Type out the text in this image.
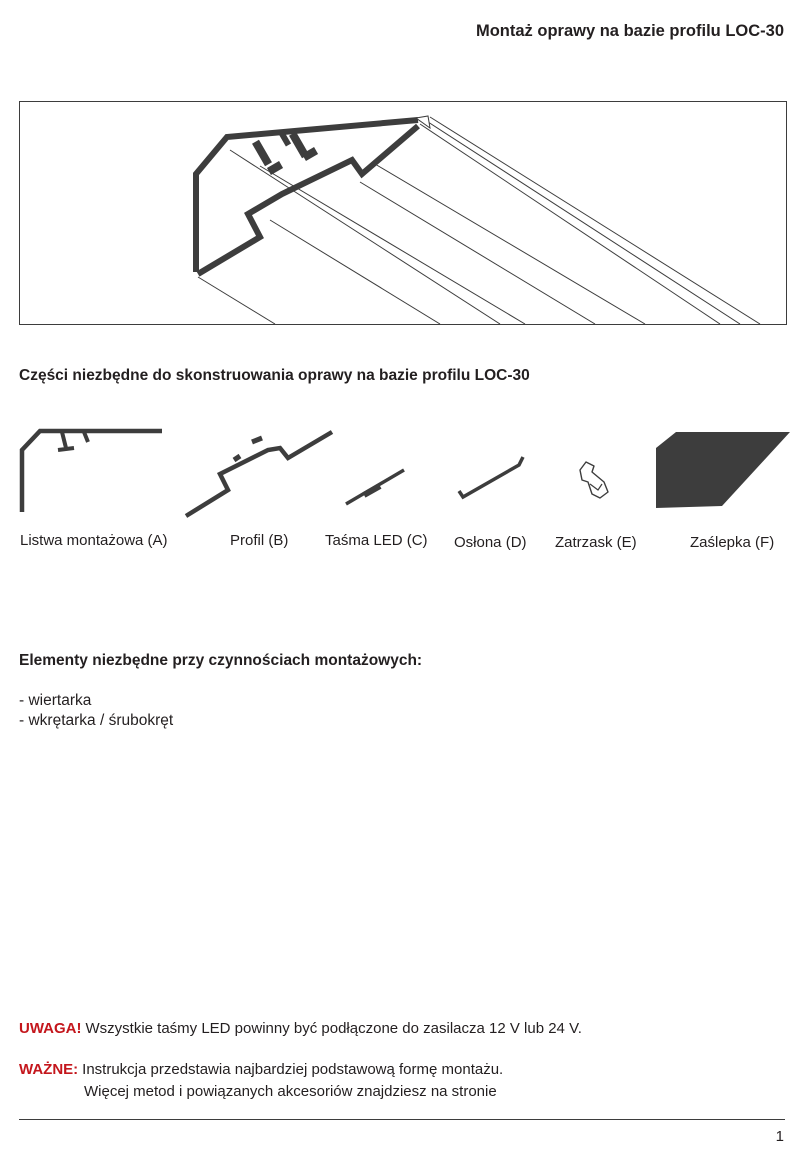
Montaż oprawy na bazie profilu LOC-30
Części niezbędne do skonstruowania oprawy na bazie profilu LOC-30
Listwa montażowa (A)	Profil (B) Taśma LED (C) Osłona (D) Zatrzask (E)	Zaślepka (F)
Elementy niezbędne przy czynnościach montażowych:
- wiertarka
- wkrętarka / śrubokręt
UWAGA! Wszystkie taśmy LED powinny być podłączone do zasilacza 12 V lub 24 V.
WAŻNE: Instrukcja przedstawia najbardziej podstawową formę montażu.
Więcej metod i powiązanych akcesoriów znajdziesz na stronie
1
